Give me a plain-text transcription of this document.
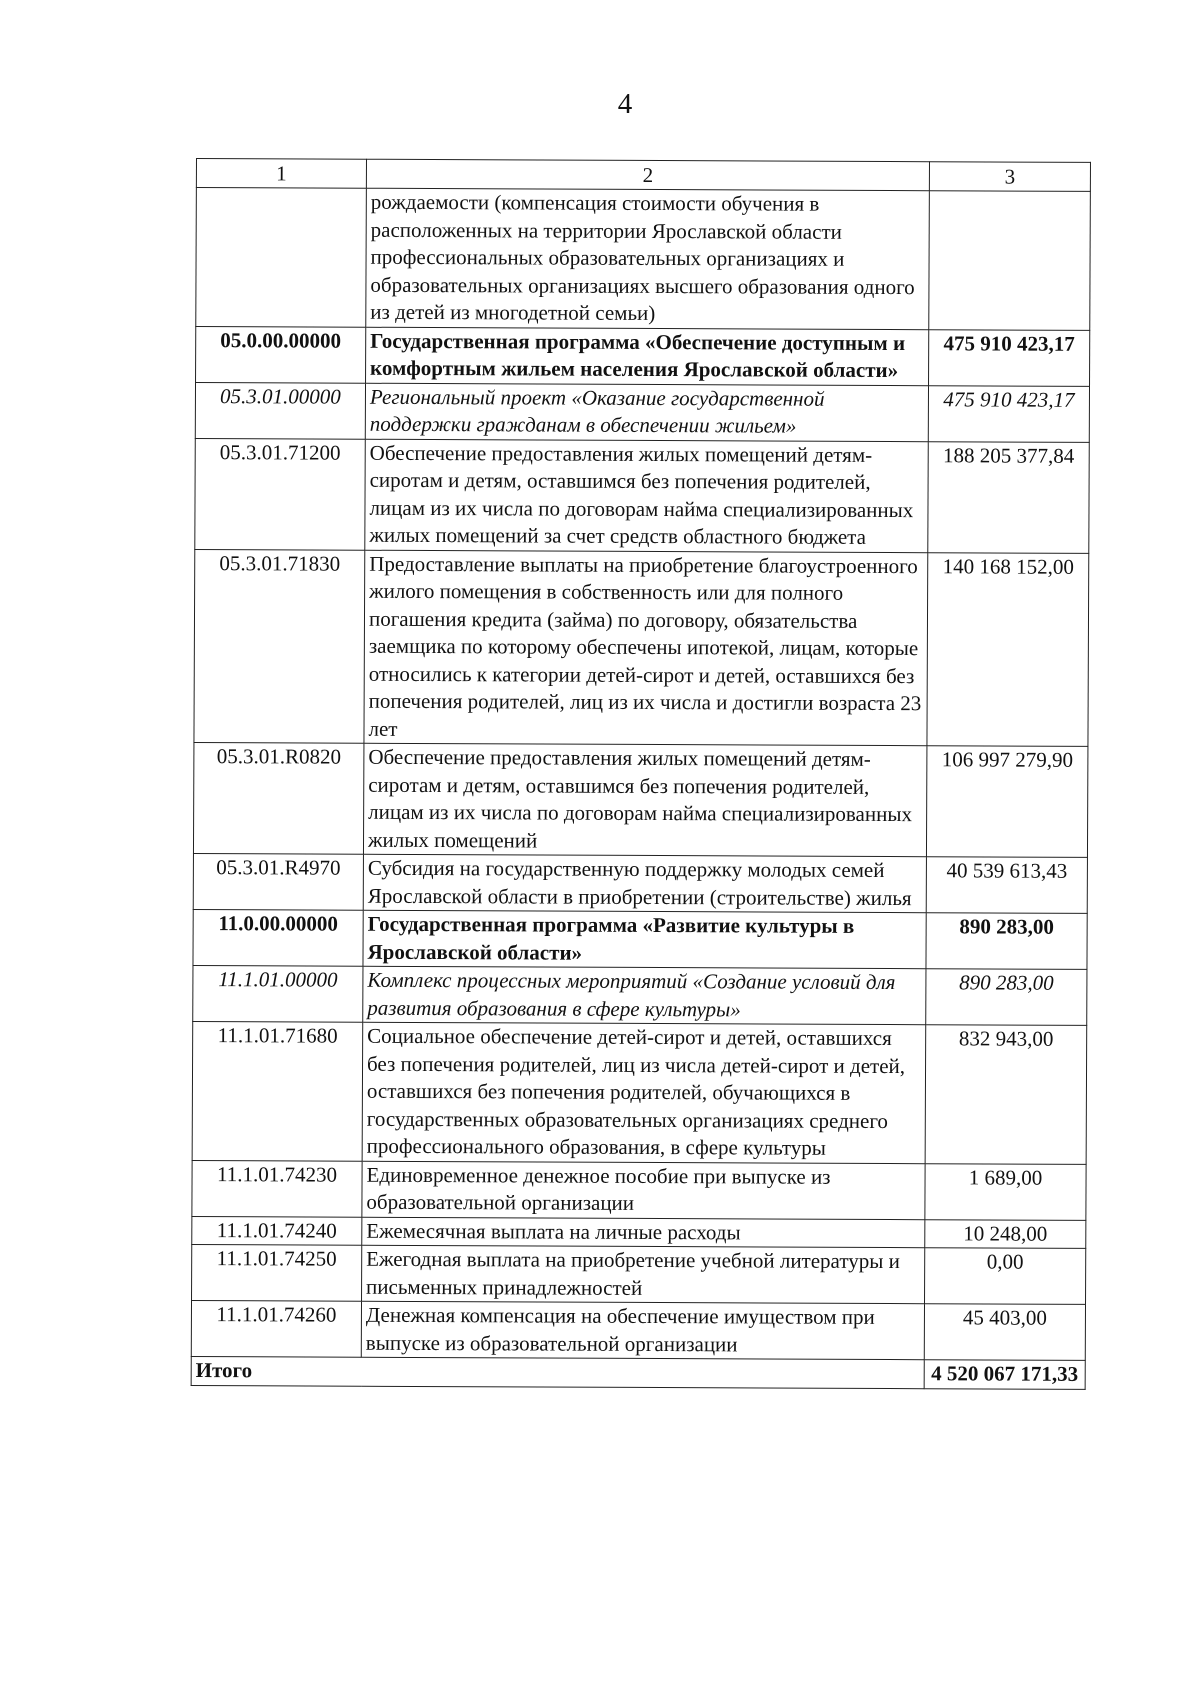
4
1	2	3
	рождаемости (компенсация стоимости обучения в расположенных на территории Ярославской области профессиональных образовательных организациях и образовательных организациях высшего образования одного из детей из многодетной семьи)	
05.0.00.00000	Государственная программа «Обеспечение доступным и комфортным жильем населения Ярославской области»	475 910 423,17
05.3.01.00000	Региональный проект «Оказание государственной поддержки гражданам в обеспечении жильем»	475 910 423,17
05.3.01.71200	Обеспечение предоставления жилых помещений детям-сиротам и детям, оставшимся без попечения родителей, лицам из их числа по договорам найма специализированных жилых помещений за счет средств областного бюджета	188 205 377,84
05.3.01.71830	Предоставление выплаты на приобретение благоустроенного жилого помещения в собственность или для полного погашения кредита (займа) по договору, обязательства заемщика по которому обеспечены ипотекой, лицам, которые относились к категории детей-сирот и детей, оставшихся без попечения родителей, лиц из их числа и достигли возраста 23 лет	140 168 152,00
05.3.01.R0820	Обеспечение предоставления жилых помещений детям-сиротам и детям, оставшимся без попечения родителей, лицам из их числа по договорам найма специализированных жилых помещений	106 997 279,90
05.3.01.R4970	Субсидия на государственную поддержку молодых семей Ярославской области в приобретении (строительстве) жилья	40 539 613,43
11.0.00.00000	Государственная программа «Развитие культуры в Ярославской области»	890 283,00
11.1.01.00000	Комплекс процессных мероприятий «Создание условий для развития образования в сфере культуры»	890 283,00
11.1.01.71680	Социальное обеспечение детей-сирот и детей, оставшихся без попечения родителей, лиц из числа детей-сирот и детей, оставшихся без попечения родителей, обучающихся в государственных образовательных организациях среднего профессионального образования, в сфере культуры	832 943,00
11.1.01.74230	Единовременное денежное пособие при выпуске из образовательной организации	1 689,00
11.1.01.74240	Ежемесячная выплата на личные расходы	10 248,00
11.1.01.74250	Ежегодная выплата на приобретение учебной литературы и письменных принадлежностей	0,00
11.1.01.74260	Денежная компенсация на обеспечение имуществом при выпуске из образовательной организации	45 403,00
Итого		4 520 067 171,33
